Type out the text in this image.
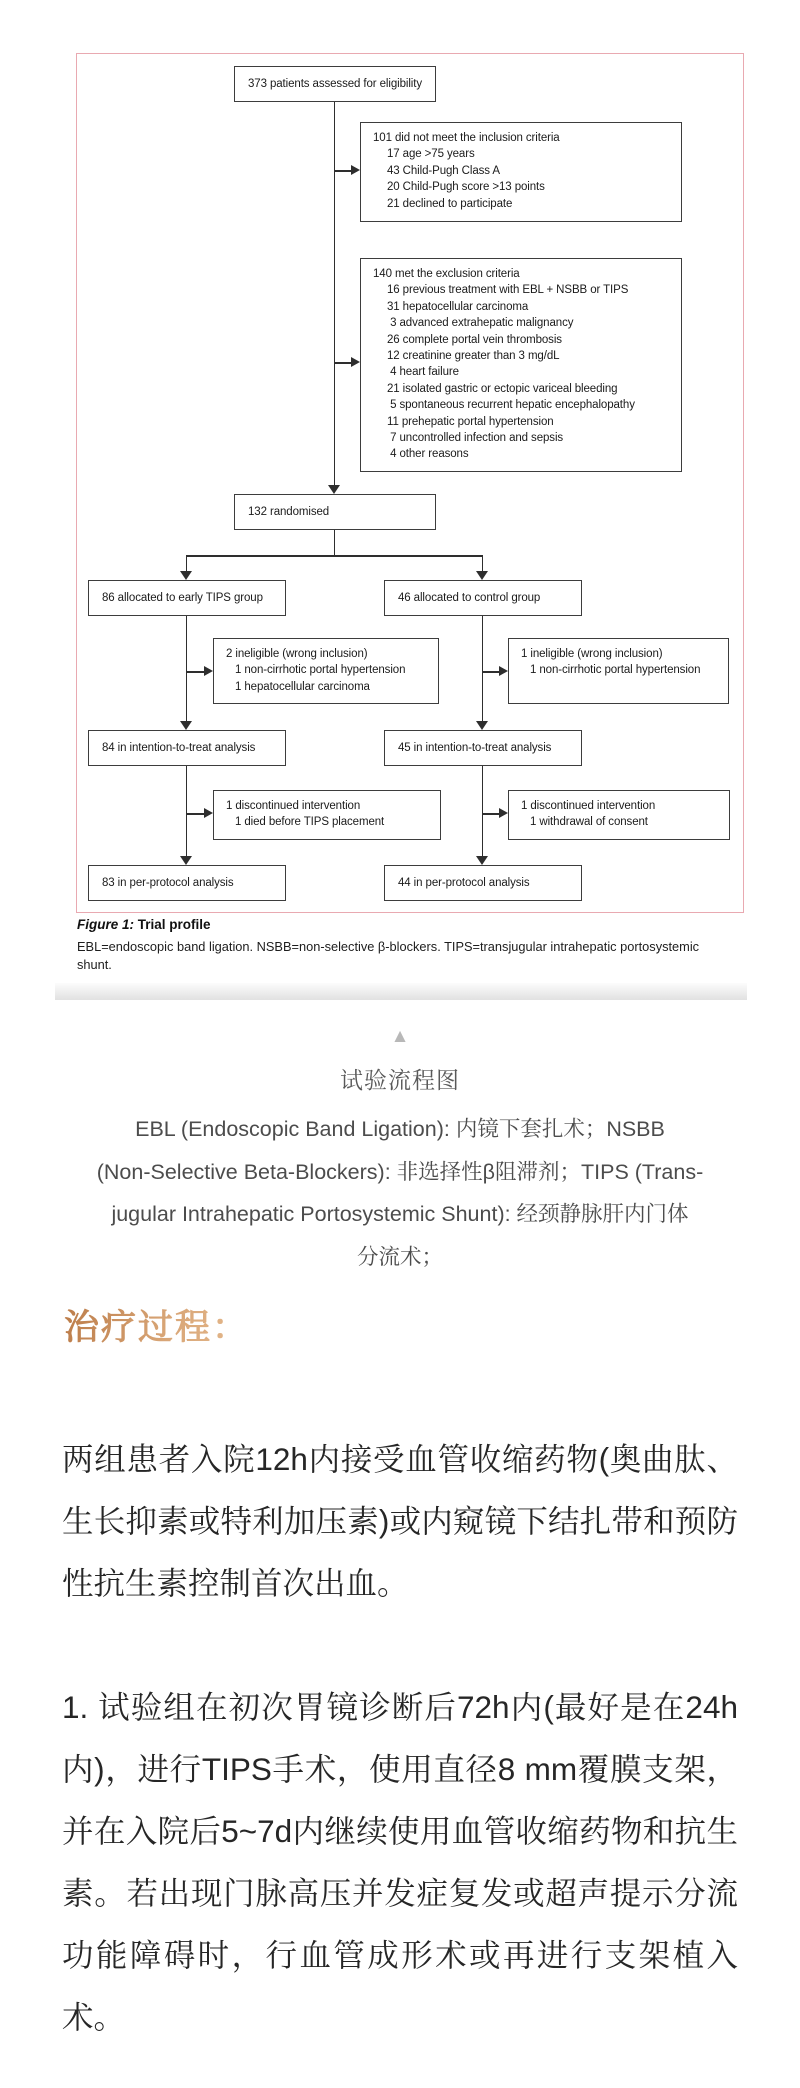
373 patients assessed for eligibility
101 did not meet the inclusion criteria
17 age >75 years
43 Child-Pugh Class A
20 Child-Pugh score >13 points
21 declined to participate
140 met the exclusion criteria
16 previous treatment with EBL + NSBB or TIPS
31 hepatocellular carcinoma
3 advanced extrahepatic malignancy
26 complete portal vein thrombosis
12 creatinine greater than 3 mg/dL
4 heart failure
21 isolated gastric or ectopic variceal bleeding
5 spontaneous recurrent hepatic encephalopathy
11 prehepatic portal hypertension
7 uncontrolled infection and sepsis
4 other reasons
132 randomised
86 allocated to early TIPS group	46 allocated to control group
2 ineligible (wrong inclusion)
1 non-cirrhotic portal hypertension
1 hepatocellular carcinoma
1 ineligible (wrong inclusion)
1 non-cirrhotic portal hypertension
84 in intention-to-treat analysis	45 in intention-to-treat analysis
1 discontinued intervention
1 died before TIPS placement
1 discontinued intervention
1 withdrawal of consent
83 in per-protocol analysis	44 in per-protocol analysis
Figure 1: Trial profile
EBL=endoscopic band ligation. NSBB=non-selective β-blockers. TIPS=transjugular intrahepatic portosystemic
shunt.
▲
试验流程图
EBL (Endoscopic Band Ligation): 内镜下套扎术；NSBB
(Non-Selective Beta-Blockers): 非选择性β阻滞剂；TIPS (Trans-
jugular Intrahepatic Portosystemic Shunt): 经颈静脉肝内门体
分流术；
治疗过程：
两组患者入院12h内接受血管收缩药物(奥曲肽、生长抑素或特利加压素)或内窥镜下结扎带和预防性抗生素控制首次出血。
1. 试验组在初次胃镜诊断后72h内(最好是在24h内)，进行TIPS手术，使用直径8 mm覆膜支架，并在入院后5~7d内继续使用血管收缩药物和抗生素。若出现门脉高压并发症复发或超声提示分流功能障碍时，行血管成形术或再进行支架植入术。
